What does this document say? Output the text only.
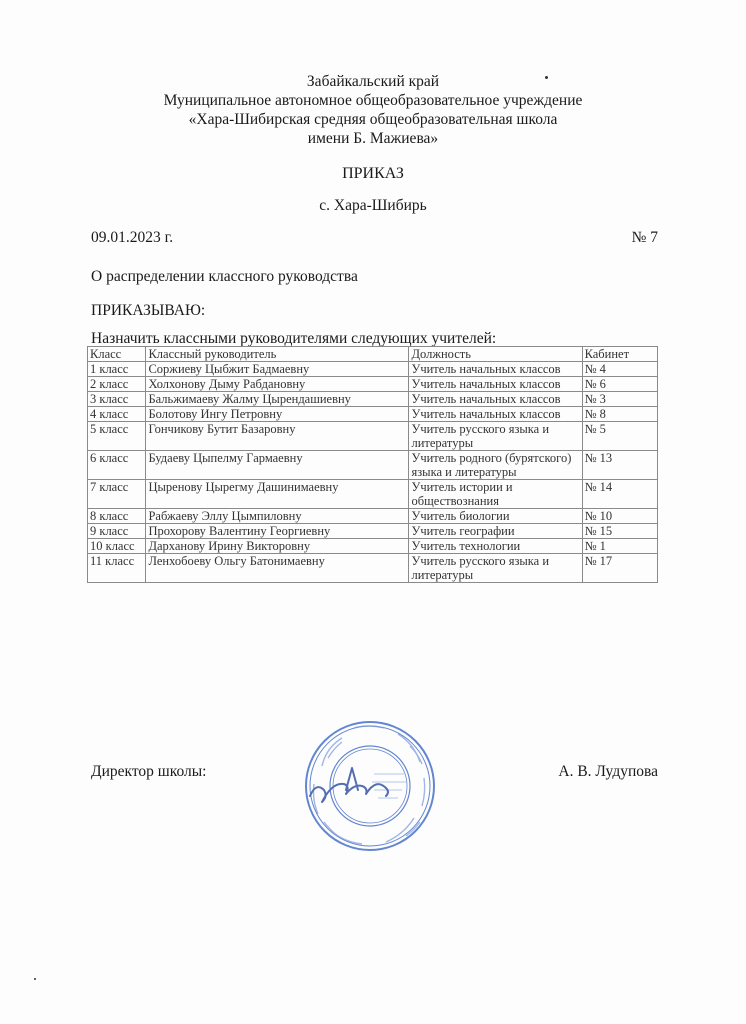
Забайкальский край
Муниципальное автономное общеобразовательное учреждение
«Хара-Шибирская средняя общеобразовательная школа
имени Б. Мажиева»
ПРИКАЗ
с. Хара-Шибирь
09.01.2023 г.	№ 7
О распределении классного руководства
ПРИКАЗЫВАЮ:
Назначить классными руководителями следующих учителей:
Класс	Классный руководитель	Должность	Кабинет
1 класс	Соржиеву Цыбжит Бадмаевну	Учитель начальных классов	№ 4
2 класс	Холхонову Дыму Рабдановну	Учитель начальных классов	№ 6
3 класс	Бальжимаеву Жалму Цырендашиевну	Учитель начальных классов	№ 3
4 класс	Болотову Ингу Петровну	Учитель начальных классов	№ 8
5 класс	Гончикову Бутит Базаровну	Учитель русского языка и литературы	№ 5
6 класс	Будаеву Цыпелму Гармаевну	Учитель родного (бурятского) языка и литературы	№ 13
7 класс	Цыренову Цырегму Дашинимаевну	Учитель истории и обществознания	№ 14
8 класс	Рабжаеву Эллу Цымпиловну	Учитель биологии	№ 10
9 класс	Прохорову Валентину Георгиевну	Учитель географии	№ 15
10 класс	Дарханову Ирину Викторовну	Учитель технологии	№ 1
11 класс	Ленхобоеву Ольгу Батонимаевну	Учитель русского языка и литературы	№ 17
Директор школы:	А. В. Лудупова
